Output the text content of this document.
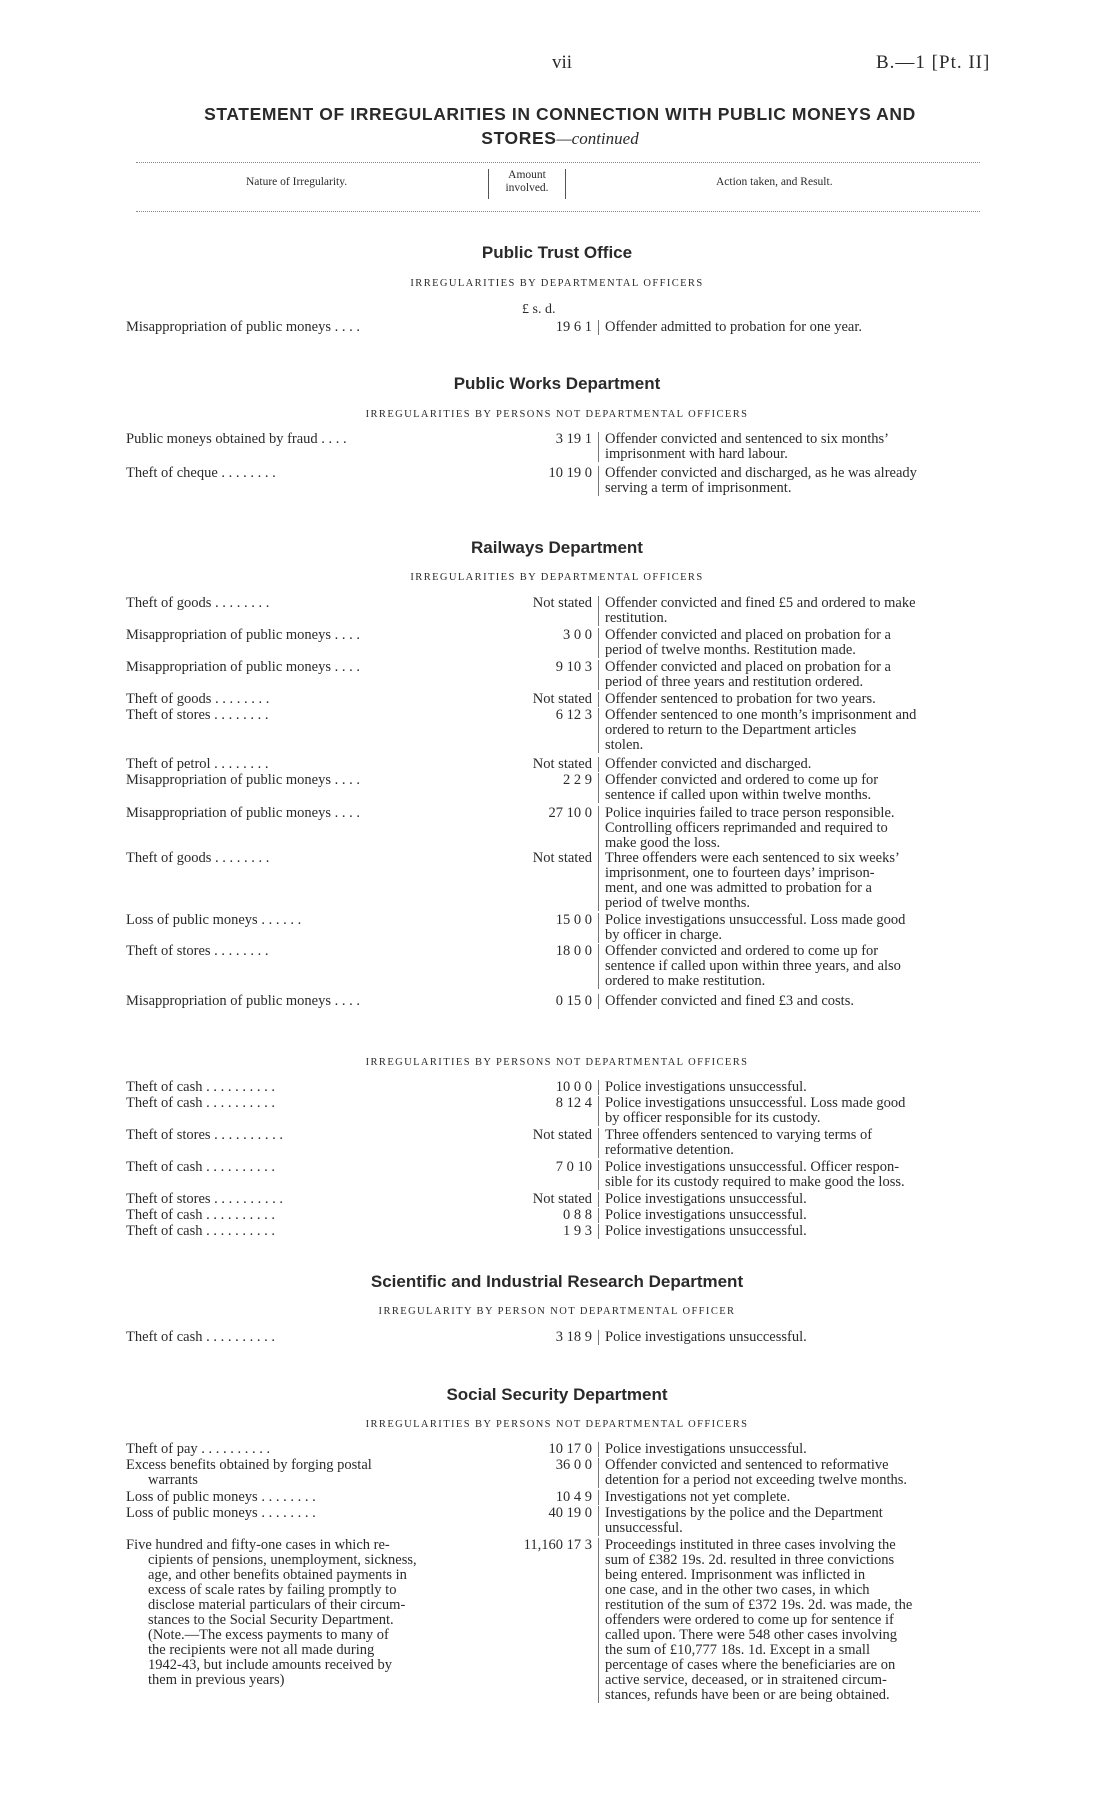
vii	B.—1 [Pt. II]
STATEMENT OF IRREGULARITIES IN CONNECTION WITH PUBLIC MONEYS AND
STORES—continued
Nature of Irregularity.
Amount
involved.	Action taken, and Result.
Public Trust Office
IRREGULARITIES BY DEPARTMENTAL OFFICERS
£ s. d.
Misappropriation of public moneys . . . .	19 6 1 Offender admitted to probation for one year.
Public Works Department
IRREGULARITIES BY PERSONS NOT DEPARTMENTAL OFFICERS
Public moneys obtained by fraud . . . .	3 19 1 Offender convicted and sentenced to six months’
imprisonment with hard labour.
Theft of cheque . . . . . . . .	10 19 0 Offender convicted and discharged, as he was already
serving a term of imprisonment.
Railways Department
IRREGULARITIES BY DEPARTMENTAL OFFICERS
Theft of goods . . . . . . . .	Not stated Offender convicted and fined £5 and ordered to make
restitution.
Misappropriation of public moneys . . . .	3 0 0 Offender convicted and placed on probation for a
period of twelve months. Restitution made.
Misappropriation of public moneys . . . .	9 10 3 Offender convicted and placed on probation for a
period of three years and restitution ordered.
Theft of goods . . . . . . . .	Not stated Offender sentenced to probation for two years.
Theft of stores . . . . . . . .	6 12 3 Offender sentenced to one month’s imprisonment and
ordered to return to the Department articles
stolen.
Theft of petrol . . . . . . . .	Not stated Offender convicted and discharged.
Misappropriation of public moneys . . . .	2 2 9 Offender convicted and ordered to come up for
sentence if called upon within twelve months.
Misappropriation of public moneys . . . .	27 10 0 Police inquiries failed to trace person responsible.
Controlling officers reprimanded and required to
make good the loss.
Theft of goods . . . . . . . .	Not stated Three offenders were each sentenced to six weeks’
imprisonment, one to fourteen days’ imprison-
ment, and one was admitted to probation for a
period of twelve months.
Loss of public moneys . . . . . .	15 0 0 Police investigations unsuccessful. Loss made good
by officer in charge.
Theft of stores . . . . . . . .	18 0 0 Offender convicted and ordered to come up for
sentence if called upon within three years, and also
ordered to make restitution.
Misappropriation of public moneys . . . .	0 15 0 Offender convicted and fined £3 and costs.
IRREGULARITIES BY PERSONS NOT DEPARTMENTAL OFFICERS
Theft of cash . . . . . . . . . .	10 0 0 Police investigations unsuccessful.
Theft of cash . . . . . . . . . .	8 12 4 Police investigations unsuccessful. Loss made good
by officer responsible for its custody.
Theft of stores . . . . . . . . . .	Not stated Three offenders sentenced to varying terms of
reformative detention.
Theft of cash . . . . . . . . . .	7 0 10 Police investigations unsuccessful. Officer respon-
sible for its custody required to make good the loss.
Theft of stores . . . . . . . . . .	Not stated Police investigations unsuccessful.
Theft of cash . . . . . . . . . .	0 8 8 Police investigations unsuccessful.
Theft of cash . . . . . . . . . .	1 9 3 Police investigations unsuccessful.
Scientific and Industrial Research Department
IRREGULARITY BY PERSON NOT DEPARTMENTAL OFFICER
Theft of cash . . . . . . . . . .	3 18 9 Police investigations unsuccessful.
Social Security Department
IRREGULARITIES BY PERSONS NOT DEPARTMENTAL OFFICERS
Theft of pay . . . . . . . . . .	10 17 0 Police investigations unsuccessful.
Excess benefits obtained by forging postal
warrants
36 0 0 Offender convicted and sentenced to reformative
detention for a period not exceeding twelve months.
Loss of public moneys . . . . . . . .	10 4 9 Investigations not yet complete.
Loss of public moneys . . . . . . . .	40 19 0 Investigations by the police and the Department
unsuccessful.
Five hundred and fifty-one cases in which re-
cipients of pensions, unemployment, sickness,
age, and other benefits obtained payments in
excess of scale rates by failing promptly to
disclose material particulars of their circum-
stances to the Social Security Department.
(Note.—The excess payments to many of
the recipients were not all made during
1942-43, but include amounts received by
them in previous years)
11,160 17 3 Proceedings instituted in three cases involving the
sum of £382 19s. 2d. resulted in three convictions
being entered. Imprisonment was inflicted in
one case, and in the other two cases, in which
restitution of the sum of £372 19s. 2d. was made, the
offenders were ordered to come up for sentence if
called upon. There were 548 other cases involving
the sum of £10,777 18s. 1d. Except in a small
percentage of cases where the beneficiaries are on
active service, deceased, or in straitened circum-
stances, refunds have been or are being obtained.
